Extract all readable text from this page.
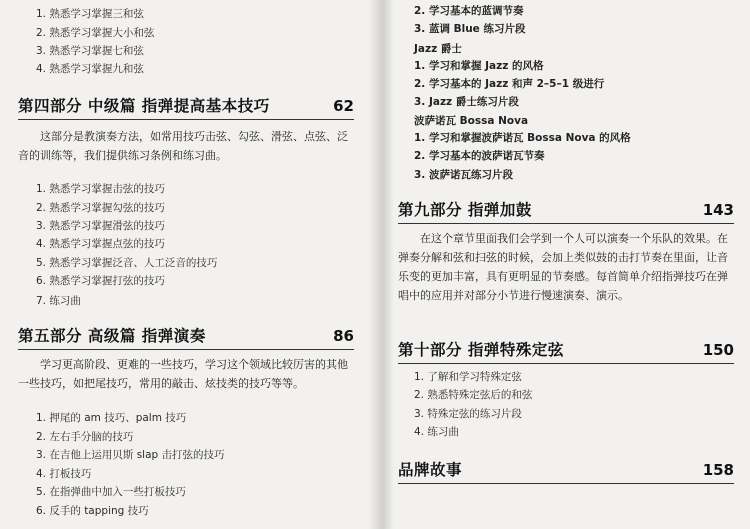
1. 熟悉学习掌握三和弦
2. 熟悉学习掌握大小和弦
3. 熟悉学习掌握七和弦
4. 熟悉学习掌握九和弦
第四部分 中级篇 指弹提高基本技巧	62
这部分是教演奏方法，如常用技巧击弦、勾弦、滑弦、点弦、泛音的训练等，我们提供练习条例和练习曲。
1. 熟悉学习掌握击弦的技巧
2. 熟悉学习掌握勾弦的技巧
3. 熟悉学习掌握滑弦的技巧
4. 熟悉学习掌握点弦的技巧
5. 熟悉学习掌握泛音、人工泛音的技巧
6. 熟悉学习掌握打弦的技巧
7. 练习曲
第五部分 高级篇 指弹演奏	86
学习更高阶段、更难的一些技巧，学习这个领域比较厉害的其他一些技巧，如把尾技巧，常用的敲击、炫技类的技巧等等。
1. 押尾的 am 技巧、palm 技巧
2. 左右手分脑的技巧
3. 在吉他上运用贝斯 slap 击打弦的技巧
4. 打板技巧
5. 在指弹曲中加入一些打板技巧
6. 反手的 tapping 技巧
2. 学习基本的蓝调节奏
3. 蓝调 Blue 练习片段
Jazz 爵士
1. 学习和掌握 Jazz 的风格
2. 学习基本的 Jazz 和声 2–5–1 级进行
3. Jazz 爵士练习片段
波萨诺瓦 Bossa Nova
1. 学习和掌握波萨诺瓦 Bossa Nova 的风格
2. 学习基本的波萨诺瓦节奏
3. 波萨诺瓦练习片段
第九部分 指弹加鼓	143
在这个章节里面我们会学到一个人可以演奏一个乐队的效果。在弹奏分解和弦和扫弦的时候，会加上类似鼓的击打节奏在里面，让音乐变的更加丰富，具有更明显的节奏感。每首简单介绍指弹技巧在弹唱中的应用并对部分小节进行慢速演奏、演示。
第十部分 指弹特殊定弦	150
1. 了解和学习特殊定弦
2. 熟悉特殊定弦后的和弦
3. 特殊定弦的练习片段
4. 练习曲
品牌故事	158
